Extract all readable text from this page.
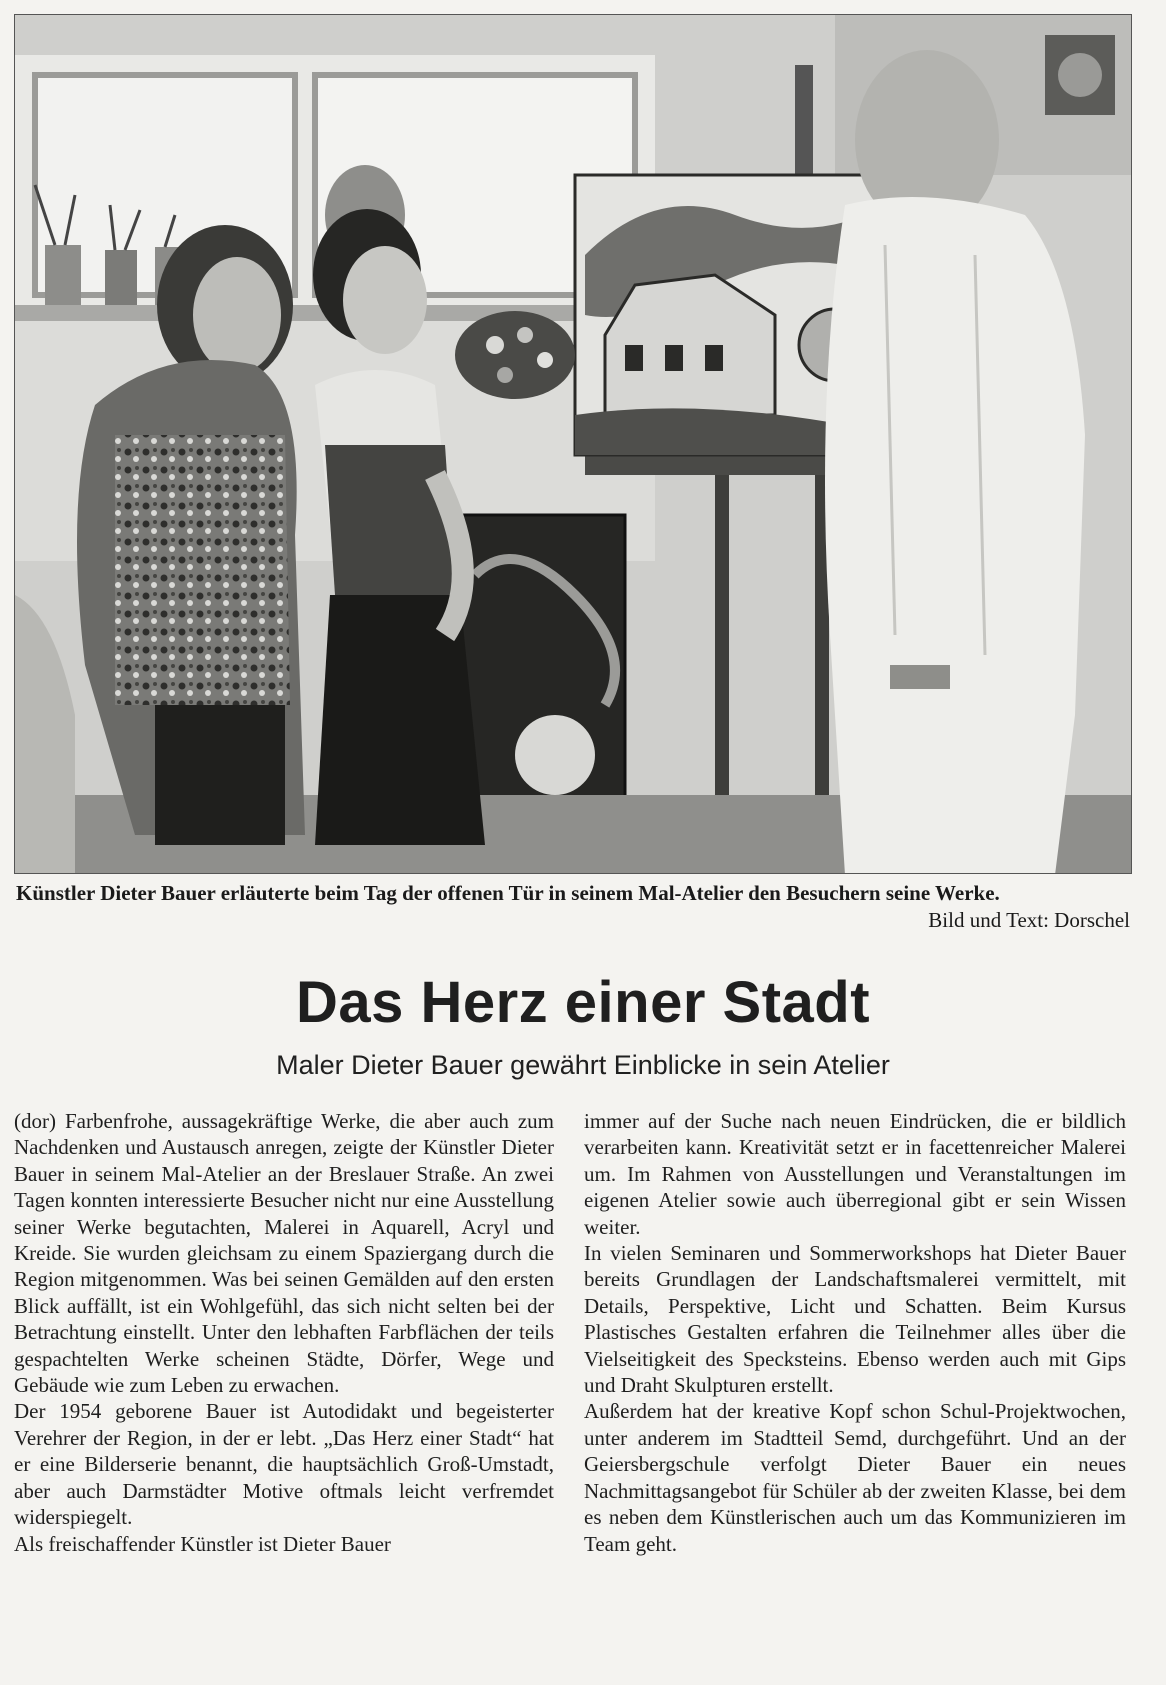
Künstler Dieter Bauer erläuterte beim Tag der offenen Tür in seinem Mal-Atelier den Besuchern seine Werke.
Bild und Text: Dorschel
Das Herz einer Stadt
Maler Dieter Bauer gewährt Einblicke in sein Atelier

(dor) Farbenfrohe, aussagekräftige Werke, die aber auch zum Nachdenken und Austausch anregen, zeigte der Künstler Dieter Bauer in seinem Mal-Atelier an der Breslauer Straße. An zwei Tagen konnten interessierte Besucher nicht nur eine Ausstellung seiner Werke begutachten, Malerei in Aquarell, Acryl und Kreide. Sie wurden gleichsam zu einem Spaziergang durch die Region mitgenommen. Was bei seinen Gemälden auf den ersten Blick auffällt, ist ein Wohlgefühl, das sich nicht selten bei der Betrachtung einstellt. Unter den lebhaften Farbflächen der teils gespachtelten Werke scheinen Städte, Dörfer, Wege und Gebäude wie zum Leben zu erwachen.

Der 1954 geborene Bauer ist Autodidakt und begeisterter Verehrer der Region, in der er lebt. „Das Herz einer Stadt“ hat er eine Bilderserie benannt, die hauptsächlich Groß-Umstadt, aber auch Darmstädter Motive oftmals leicht verfremdet widerspiegelt.

Als freischaffender Künstler ist Dieter Bauer

immer auf der Suche nach neuen Eindrücken, die er bildlich verarbeiten kann. Kreativität setzt er in facettenreicher Malerei um. Im Rahmen von Ausstellungen und Veranstaltungen im eigenen Atelier sowie auch überregional gibt er sein Wissen weiter.

In vielen Seminaren und Sommerworkshops hat Dieter Bauer bereits Grundlagen der Landschaftsmalerei vermittelt, mit Details, Perspektive, Licht und Schatten. Beim Kursus Plastisches Gestalten erfahren die Teilnehmer alles über die Vielseitigkeit des Specksteins. Ebenso werden auch mit Gips und Draht Skulpturen erstellt.

Außerdem hat der kreative Kopf schon Schul-Projektwochen, unter anderem im Stadtteil Semd, durchgeführt. Und an der Geiersbergschule verfolgt Dieter Bauer ein neues Nachmittagsangebot für Schüler ab der zweiten Klasse, bei dem es neben dem Künstlerischen auch um das Kommunizieren im Team geht.
